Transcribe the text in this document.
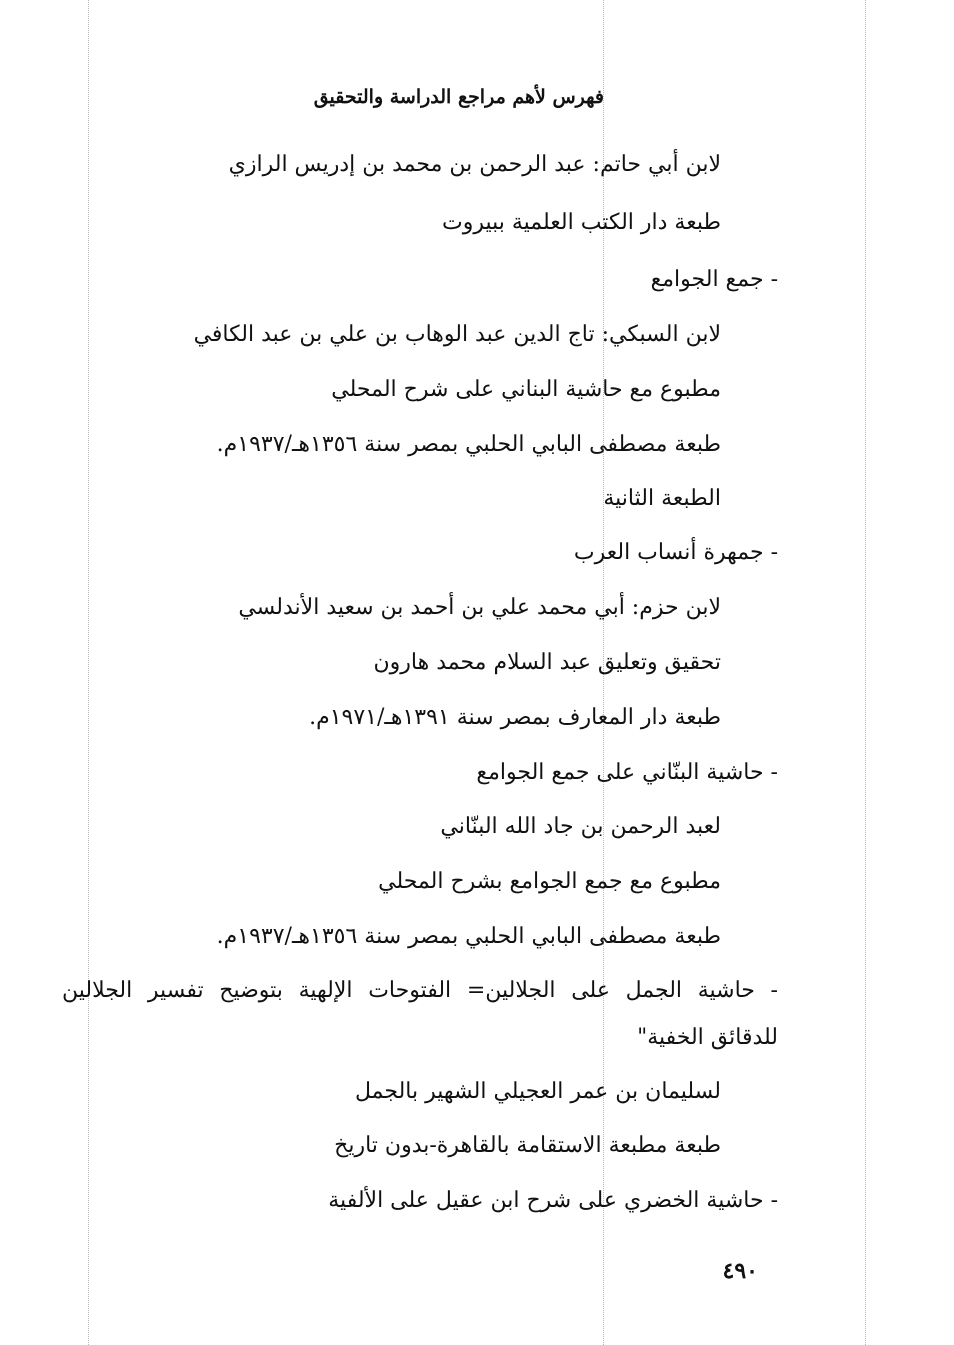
فهرس لأهم مراجع الدراسة والتحقيق
لابن أبي حاتم: عبد الرحمن بن محمد بن إدريس الرازي
طبعة دار الكتب العلمية ببيروت
- جمع الجوامع
لابن السبكي: تاج الدين عبد الوهاب بن علي بن عبد الكافي
مطبوع مع حاشية البناني على شرح المحلي
طبعة مصطفى البابي الحلبي بمصر سنة ١٣٥٦هـ/١٩٣٧م.
الطبعة الثانية
- جمهرة أنساب العرب
لابن حزم: أبي محمد علي بن أحمد بن سعيد الأندلسي
تحقيق وتعليق عبد السلام محمد هارون
طبعة دار المعارف بمصر سنة ١٣٩١هـ/١٩٧١م.
- حاشية البنّاني على جمع الجوامع
لعبد الرحمن بن جاد الله البنّاني
مطبوع مع جمع الجوامع بشرح المحلي
طبعة مصطفى البابي الحلبي بمصر سنة ١٣٥٦هـ/١٩٣٧م.
- حاشية الجمل على الجلالين= الفتوحات الإلهية بتوضيح تفسير الجلالين
للدقائق الخفية"
لسليمان بن عمر العجيلي الشهير بالجمل
طبعة مطبعة الاستقامة بالقاهرة-بدون تاريخ
- حاشية الخضري على شرح ابن عقيل على الألفية
٤٩٠
